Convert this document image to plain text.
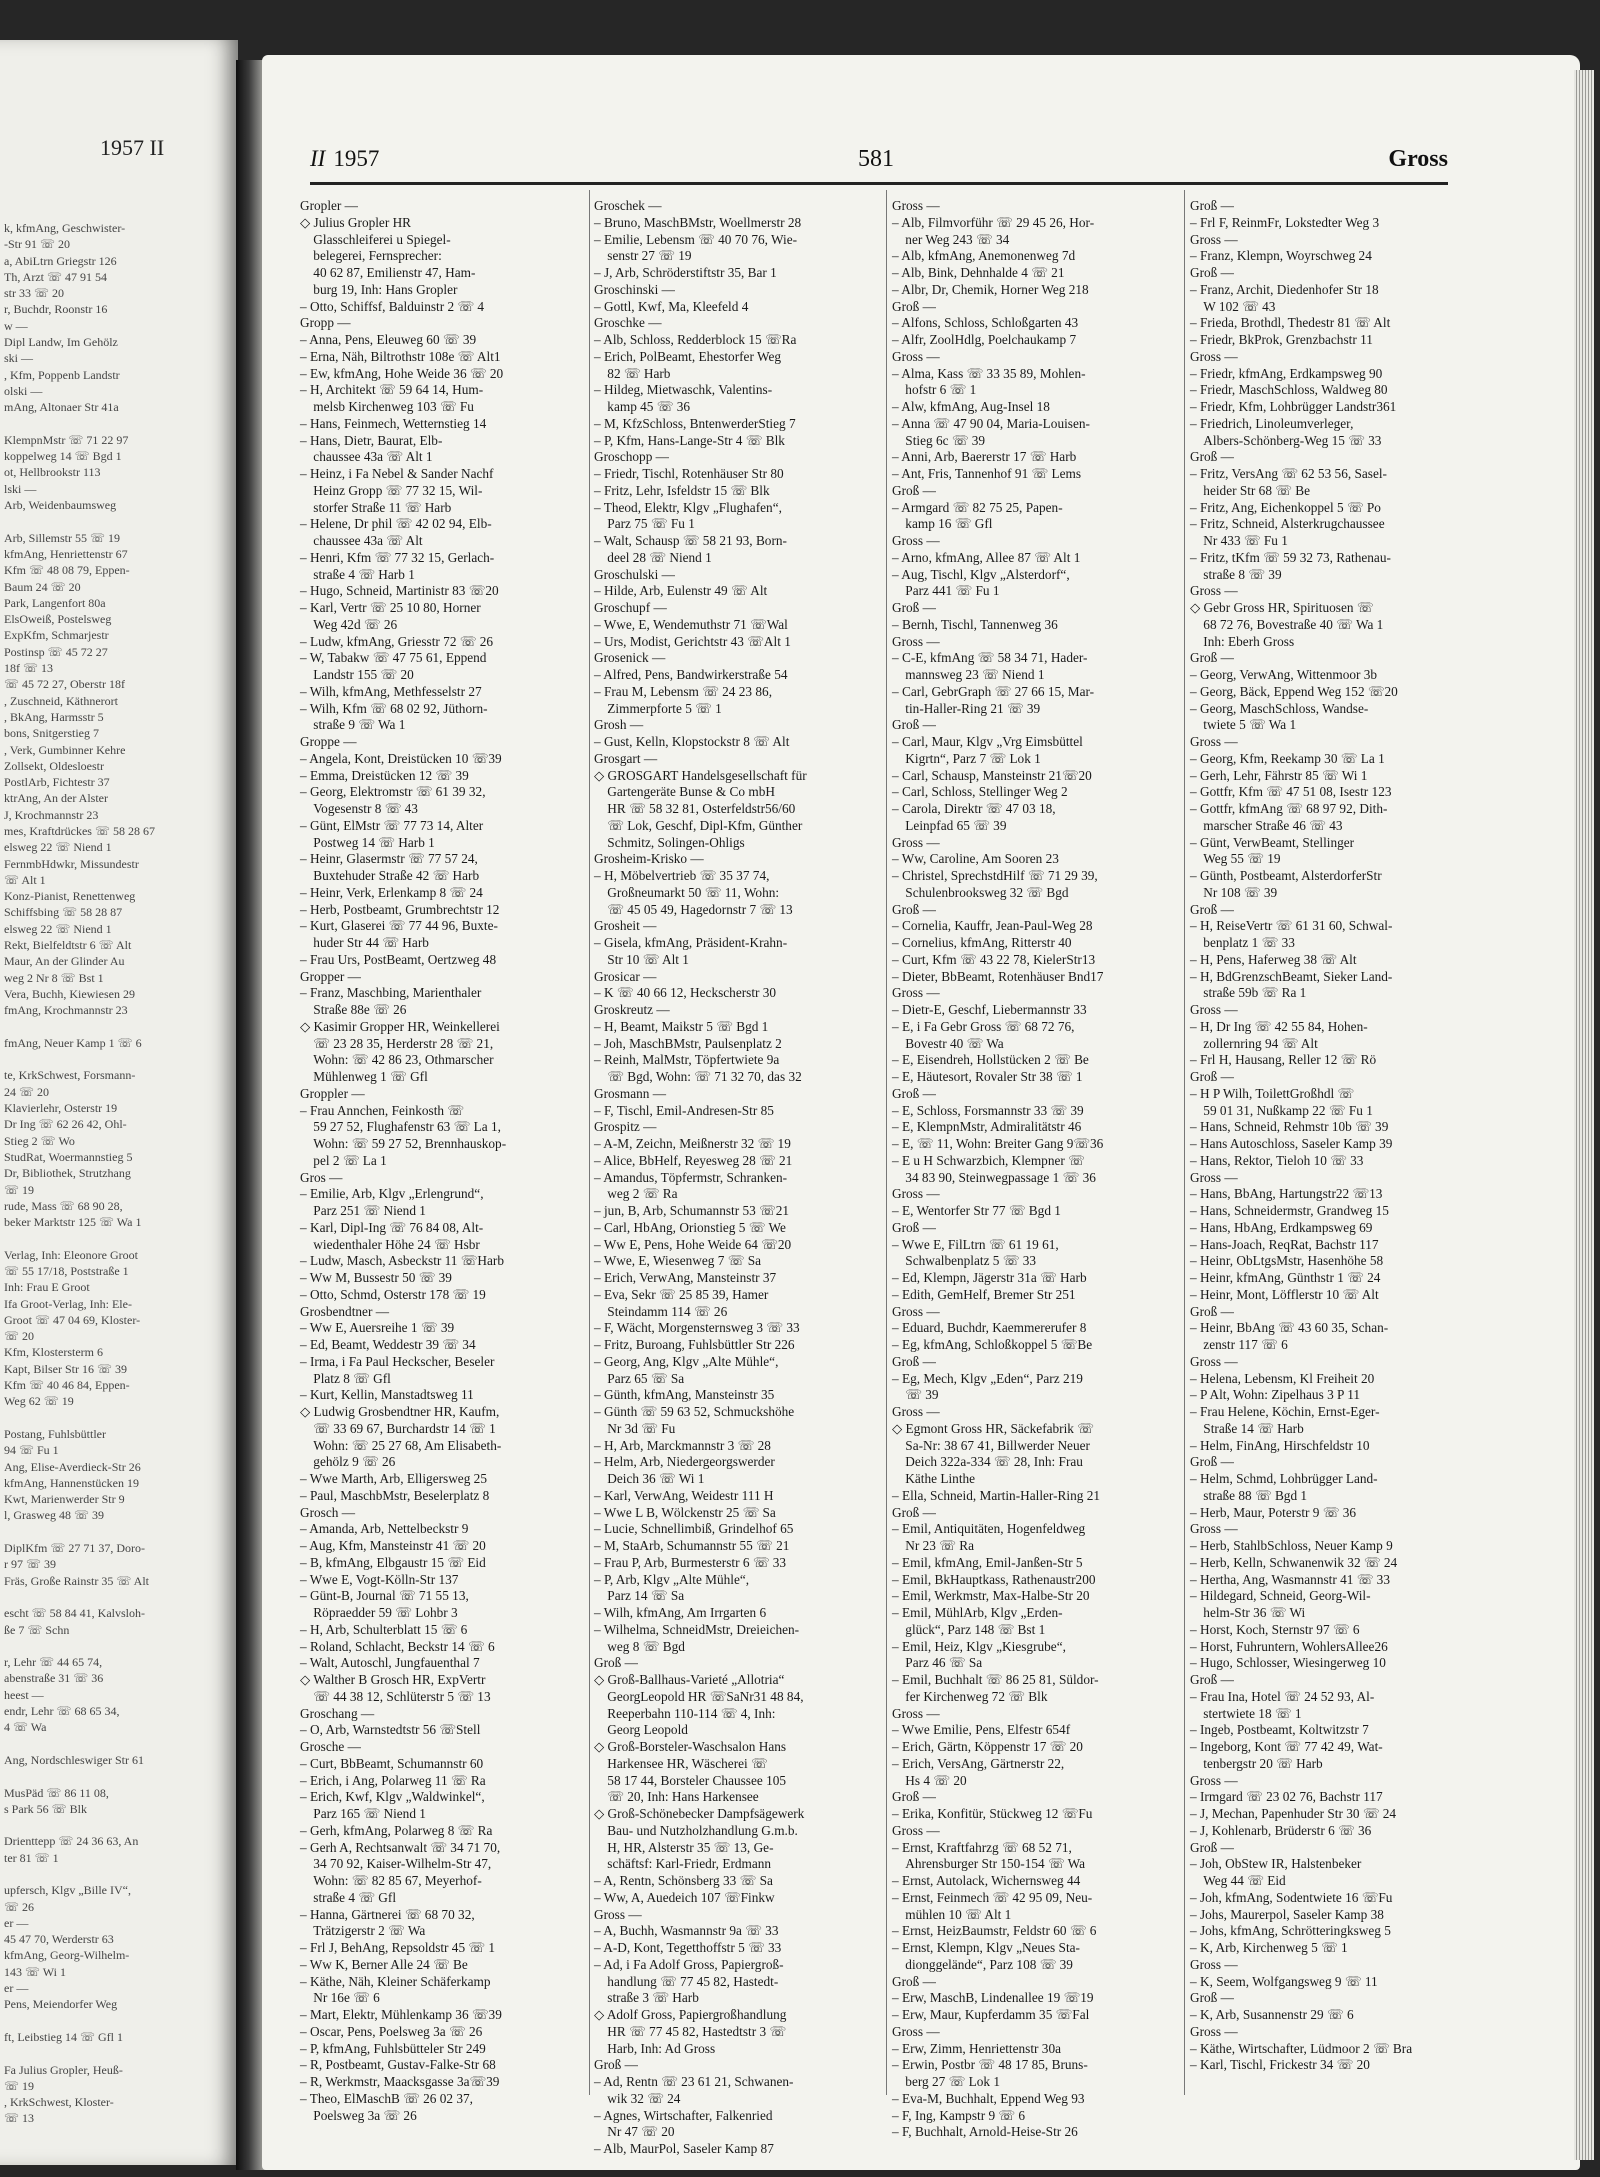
1957 II
k, kfmAng, Geschwister-
-Str 91 ☏ 20
a, AbiLtrn Griegstr 126
Th, Arzt ☏ 47 91 54
str 33 ☏ 20
r, Buchdr, Roonstr 16
w —
Dipl Landw, Im Gehölz
ski —
, Kfm, Poppenb Landstr
olski —
mAng, Altonaer Str 41a

KlempnMstr ☏ 71 22 97
koppelweg 14 ☏ Bgd 1
ot, Hellbrookstr 113
lski —
Arb, Weidenbaumsweg

Arb, Sillemstr 55 ☏ 19
kfmAng, Henriettenstr 67
Kfm ☏ 48 08 79, Eppen-
Baum 24 ☏ 20
Park, Langenfort 80a
ElsOweiß, Postelsweg
ExpKfm, Schmarjestr
Postinsp ☏ 45 72 27
18f ☏ 13
☏ 45 72 27, Oberstr 18f
, Zuschneid, Käthnerort
, BkAng, Harmsstr 5
bons, Snitgerstieg 7
, Verk, Gumbinner Kehre
Zollsekt, Oldesloestr
PostlArb, Fichtestr 37
ktrAng, An der Alster
J, Krochmannstr 23
mes, Kraftdrückes ☏ 58 28 67
elsweg 22 ☏ Niend 1
FernmbHdwkr, Missundestr
☏ Alt 1
Konz-Pianist, Renettenweg
Schiffsbing ☏ 58 28 87
elsweg 22 ☏ Niend 1
Rekt, Bielfeldtstr 6 ☏ Alt
Maur, An der Glinder Au
weg 2 Nr 8 ☏ Bst 1
Vera, Buchh, Kiewiesen 29
fmAng, Krochmannstr 23

fmAng, Neuer Kamp 1 ☏ 6

te, KrkSchwest, Forsmann-
24 ☏ 20
Klavierlehr, Osterstr 19
Dr Ing ☏ 62 26 42, Ohl-
Stieg 2 ☏ Wo
StudRat, Woermannstieg 5
Dr, Bibliothek, Strutzhang
☏ 19
rude, Mass ☏ 68 90 28,
beker Marktstr 125 ☏ Wa 1

Verlag, Inh: Eleonore Groot
☏ 55 17/18, Poststraße 1
Inh: Frau E Groot
Ifa Groot-Verlag, Inh: Ele-
Groot ☏ 47 04 69, Kloster-
☏ 20
Kfm, Klostersterm 6
Kapt, Bilser Str 16 ☏ 39
Kfm ☏ 40 46 84, Eppen-
Weg 62 ☏ 19

Postang, Fuhlsbüttler
94 ☏ Fu 1
Ang, Elise-Averdieck-Str 26
kfmAng, Hannenstücken 19
Kwt, Marienwerder Str 9
l, Grasweg 48 ☏ 39

DiplKfm ☏ 27 71 37, Doro-
r 97 ☏ 39
Fräs, Große Rainstr 35 ☏ Alt

escht ☏ 58 84 41, Kalvsloh-
ße 7 ☏ Schn

r, Lehr ☏ 44 65 74,
abenstraße 31 ☏ 36
heest —
endr, Lehr ☏ 68 65 34,
4 ☏ Wa

Ang, Nordschleswiger Str 61

MusPäd ☏ 86 11 08,
s Park 56 ☏ Blk

Drienttepp ☏ 24 36 63, An
ter 81 ☏ 1

upfersch, Klgv „Bille IV“,
☏ 26
er —
45 47 70, Werderstr 63
kfmAng, Georg-Wilhelm-
143 ☏ Wi 1
er —
Pens, Meiendorfer Weg

ft, Leibstieg 14 ☏ Gfl 1

Fa Julius Gropler, Heuß-
☏ 19
, KrkSchwest, Kloster-
☏ 13
II 1957	581	Gross
Gropler —
◇ Julius Gropler HR
 Glasschleiferei u Spiegel-
 belegerei, Fernsprecher:
 40 62 87, Emilienstr 47, Ham-
 burg 19, Inh: Hans Gropler
– Otto, Schiffsf, Balduinstr 2 ☏ 4
Gropp —
– Anna, Pens, Eleuweg 60 ☏ 39
– Erna, Näh, Biltrothstr 108e ☏ Alt1
– Ew, kfmAng, Hohe Weide 36 ☏ 20
– H, Architekt ☏ 59 64 14, Hum-
 melsb Kirchenweg 103 ☏ Fu
– Hans, Feinmech, Wetternstieg 14
– Hans, Dietr, Baurat, Elb-
 chaussee 43a ☏ Alt 1
– Heinz, i Fa Nebel & Sander Nachf
 Heinz Gropp ☏ 77 32 15, Wil-
 storfer Straße 11 ☏ Harb
– Helene, Dr phil ☏ 42 02 94, Elb-
 chaussee 43a ☏ Alt
– Henri, Kfm ☏ 77 32 15, Gerlach-
 straße 4 ☏ Harb 1
– Hugo, Schneid, Martinistr 83 ☏20
– Karl, Vertr ☏ 25 10 80, Horner
 Weg 42d ☏ 26
– Ludw, kfmAng, Griesstr 72 ☏ 26
– W, Tabakw ☏ 47 75 61, Eppend
 Landstr 155 ☏ 20
– Wilh, kfmAng, Methfesselstr 27
– Wilh, Kfm ☏ 68 02 92, Jüthorn-
 straße 9 ☏ Wa 1
Groppe —
– Angela, Kont, Dreistücken 10 ☏39
– Emma, Dreistücken 12 ☏ 39
– Georg, Elektromstr ☏ 61 39 32,
 Vogesenstr 8 ☏ 43
– Günt, ElMstr ☏ 77 73 14, Alter
 Postweg 14 ☏ Harb 1
– Heinr, Glasermstr ☏ 77 57 24,
 Buxtehuder Straße 42 ☏ Harb
– Heinr, Verk, Erlenkamp 8 ☏ 24
– Herb, Postbeamt, Grumbrechtstr 12
– Kurt, Glaserei ☏ 77 44 96, Buxte-
 huder Str 44 ☏ Harb
– Frau Urs, PostBeamt, Oertzweg 48
Gropper —
– Franz, Maschbing, Marienthaler
 Straße 88e ☏ 26
◇ Kasimir Gropper HR, Weinkellerei
 ☏ 23 28 35, Herderstr 28 ☏ 21,
 Wohn: ☏ 42 86 23, Othmarscher
 Mühlenweg 1 ☏ Gfl
Groppler —
– Frau Annchen, Feinkosth ☏
 59 27 52, Flughafenstr 63 ☏ La 1,
 Wohn: ☏ 59 27 52, Brennhauskop-
 pel 2 ☏ La 1
Gros —
– Emilie, Arb, Klgv „Erlengrund“,
 Parz 251 ☏ Niend 1
– Karl, Dipl-Ing ☏ 76 84 08, Alt-
 wiedenthaler Höhe 24 ☏ Hsbr
– Ludw, Masch, Asbeckstr 11 ☏Harb
– Ww M, Bussestr 50 ☏ 39
– Otto, Schmd, Osterstr 178 ☏ 19
Grosbendtner —
– Ww E, Auersreihe 1 ☏ 39
– Ed, Beamt, Weddestr 39 ☏ 34
– Irma, i Fa Paul Heckscher, Beseler
 Platz 8 ☏ Gfl
– Kurt, Kellin, Manstadtsweg 11
◇ Ludwig Grosbendtner HR, Kaufm,
 ☏ 33 69 67, Burchardstr 14 ☏ 1
 Wohn: ☏ 25 27 68, Am Elisabeth-
 gehölz 9 ☏ 26
– Wwe Marth, Arb, Elligersweg 25
– Paul, MaschbMstr, Beselerplatz 8
Grosch —
– Amanda, Arb, Nettelbeckstr 9
– Aug, Kfm, Mansteinstr 41 ☏ 20
– B, kfmAng, Elbgaustr 15 ☏ Eid
– Wwe E, Vogt-Kölln-Str 137
– Günt-B, Journal ☏ 71 55 13,
 Röpraedder 59 ☏ Lohbr 3
– H, Arb, Schulterblatt 15 ☏ 6
– Roland, Schlacht, Beckstr 14 ☏ 6
– Walt, Autoschl, Jungfauenthal 7
◇ Walther B Grosch HR, ExpVertr
 ☏ 44 38 12, Schlüterstr 5 ☏ 13
Groschang —
– O, Arb, Warnstedtstr 56 ☏Stell
Grosche —
– Curt, BbBeamt, Schumannstr 60
– Erich, i Ang, Polarweg 11 ☏ Ra
– Erich, Kwf, Klgv „Waldwinkel“,
 Parz 165 ☏ Niend 1
– Gerh, kfmAng, Polarweg 8 ☏ Ra
– Gerh A, Rechtsanwalt ☏ 34 71 70,
 34 70 92, Kaiser-Wilhelm-Str 47,
 Wohn: ☏ 82 85 67, Meyerhof-
 straße 4 ☏ Gfl
– Hanna, Gärtnerei ☏ 68 70 32,
 Trätzigerstr 2 ☏ Wa
– Frl J, BehAng, Repsoldstr 45 ☏ 1
– Ww K, Berner Alle 24 ☏ Be
– Käthe, Näh, Kleiner Schäferkamp
 Nr 16e ☏ 6
– Mart, Elektr, Mühlenkamp 36 ☏39
– Oscar, Pens, Poelsweg 3a ☏ 26
– P, kfmAng, Fuhlsbütteler Str 249
– R, Postbeamt, Gustav-Falke-Str 68
– R, Werkmstr, Maacksgasse 3a☏39
– Theo, ElMaschB ☏ 26 02 37,
 Poelsweg 3a ☏ 26
Groschek —
– Bruno, MaschBMstr, Woellmerstr 28
– Emilie, Lebensm ☏ 40 70 76, Wie-
 senstr 27 ☏ 19
– J, Arb, Schröderstiftstr 35, Bar 1
Groschinski —
– Gottl, Kwf, Ma, Kleefeld 4
Groschke —
– Alb, Schloss, Redderblock 15 ☏Ra
– Erich, PolBeamt, Ehestorfer Weg
 82 ☏ Harb
– Hildeg, Mietwaschk, Valentins-
 kamp 45 ☏ 36
– M, KfzSchloss, BntenwerderStieg 7
– P, Kfm, Hans-Lange-Str 4 ☏ Blk
Groschopp —
– Friedr, Tischl, Rotenhäuser Str 80
– Fritz, Lehr, Isfeldstr 15 ☏ Blk
– Theod, Elektr, Klgv „Flughafen“,
 Parz 75 ☏ Fu 1
– Walt, Schausp ☏ 58 21 93, Born-
 deel 28 ☏ Niend 1
Groschulski —
– Hilde, Arb, Eulenstr 49 ☏ Alt
Groschupf —
– Wwe, E, Wendemuthstr 71 ☏Wal
– Urs, Modist, Gerichtstr 43 ☏Alt 1
Grosenick —
– Alfred, Pens, Bandwirkerstraße 54
– Frau M, Lebensm ☏ 24 23 86,
 Zimmerpforte 5 ☏ 1
Grosh —
– Gust, Kelln, Klopstockstr 8 ☏ Alt
Grosgart —
◇ GROSGART Handelsgesellschaft für
 Gartengeräte Bunse & Co mbH
 HR ☏ 58 32 81, Osterfeldstr56/60
 ☏ Lok, Geschf, Dipl-Kfm, Günther
 Schmitz, Solingen-Ohligs
Grosheim-Krisko —
– H, Möbelvertrieb ☏ 35 37 74,
 Großneumarkt 50 ☏ 11, Wohn:
 ☏ 45 05 49, Hagedornstr 7 ☏ 13
Grosheit —
– Gisela, kfmAng, Präsident-Krahn-
 Str 10 ☏ Alt 1
Grosicar —
– K ☏ 40 66 12, Heckscherstr 30
Groskreutz —
– H, Beamt, Maikstr 5 ☏ Bgd 1
– Joh, MaschBMstr, Paulsenplatz 2
– Reinh, MalMstr, Töpfertwiete 9a
 ☏ Bgd, Wohn: ☏ 71 32 70, das 32
Grosmann —
– F, Tischl, Emil-Andresen-Str 85
Grospitz —
– A-M, Zeichn, Meißnerstr 32 ☏ 19
– Alice, BbHelf, Reyesweg 28 ☏ 21
– Amandus, Töpfermstr, Schranken-
 weg 2 ☏ Ra
– jun, B, Arb, Schumannstr 53 ☏21
– Carl, HbAng, Orionstieg 5 ☏ We
– Ww E, Pens, Hohe Weide 64 ☏20
– Wwe, E, Wiesenweg 7 ☏ Sa
– Erich, VerwAng, Mansteinstr 37
– Eva, Sekr ☏ 25 85 39, Hamer
 Steindamm 114 ☏ 26
– F, Wächt, Morgensternsweg 3 ☏ 33
– Fritz, Buroang, Fuhlsbüttler Str 226
– Georg, Ang, Klgv „Alte Mühle“,
 Parz 65 ☏ Sa
– Günth, kfmAng, Mansteinstr 35
– Günth ☏ 59 63 52, Schmuckshöhe
 Nr 3d ☏ Fu
– H, Arb, Marckmannstr 3 ☏ 28
– Helm, Arb, Niedergeorgswerder
 Deich 36 ☏ Wi 1
– Karl, VerwAng, Weidestr 111 H
– Wwe L B, Wölckenstr 25 ☏ Sa
– Lucie, Schnellimbiß, Grindelhof 65
– M, StaArb, Schumannstr 55 ☏ 21
– Frau P, Arb, Burmesterstr 6 ☏ 33
– P, Arb, Klgv „Alte Mühle“,
 Parz 14 ☏ Sa
– Wilh, kfmAng, Am Irrgarten 6
– Wilhelma, SchneidMstr, Dreieichen-
 weg 8 ☏ Bgd
Groß —
◇ Groß-Ballhaus-Varieté „Allotria“
 GeorgLeopold HR ☏SaNr31 48 84,
 Reeperbahn 110-114 ☏ 4, Inh:
 Georg Leopold
◇ Groß-Borsteler-Waschsalon Hans
 Harkensee HR, Wäscherei ☏
 58 17 44, Borsteler Chaussee 105
 ☏ 20, Inh: Hans Harkensee
◇ Groß-Schönebecker Dampfsägewerk
 Bau- und Nutzholzhandlung G.m.b.
 H, HR, Alsterstr 35 ☏ 13, Ge-
 schäftsf: Karl-Friedr, Erdmann
– A, Rentn, Schönsberg 33 ☏ Sa
– Ww, A, Auedeich 107 ☏Finkw
Gross —
– A, Buchh, Wasmannstr 9a ☏ 33
– A-D, Kont, Tegetthoffstr 5 ☏ 33
– Ad, i Fa Adolf Gross, Papiergroß-
 handlung ☏ 77 45 82, Hastedt-
 straße 3 ☏ Harb
◇ Adolf Gross, Papiergroßhandlung
 HR ☏ 77 45 82, Hastedtstr 3 ☏
 Harb, Inh: Ad Gross
Groß —
– Ad, Rentn ☏ 23 61 21, Schwanen-
 wik 32 ☏ 24
– Agnes, Wirtschafter, Falkenried
 Nr 47 ☏ 20
– Alb, MaurPol, Saseler Kamp 87
Gross —
– Alb, Filmvorführ ☏ 29 45 26, Hor-
 ner Weg 243 ☏ 34
– Alb, kfmAng, Anemonenweg 7d
– Alb, Bink, Dehnhalde 4 ☏ 21
– Albr, Dr, Chemik, Horner Weg 218
Groß —
– Alfons, Schloss, Schloßgarten 43
– Alfr, ZoolHdlg, Poelchaukamp 7
Gross —
– Alma, Kass ☏ 33 35 89, Mohlen-
 hofstr 6 ☏ 1
– Alw, kfmAng, Aug-Insel 18
– Anna ☏ 47 90 04, Maria-Louisen-
 Stieg 6c ☏ 39
– Anni, Arb, Baererstr 17 ☏ Harb
– Ant, Fris, Tannenhof 91 ☏ Lems
Groß —
– Armgard ☏ 82 75 25, Papen-
 kamp 16 ☏ Gfl
Gross —
– Arno, kfmAng, Allee 87 ☏ Alt 1
– Aug, Tischl, Klgv „Alsterdorf“,
 Parz 441 ☏ Fu 1
Groß —
– Bernh, Tischl, Tannenweg 36
Gross —
– C-E, kfmAng ☏ 58 34 71, Hader-
 mannsweg 23 ☏ Niend 1
– Carl, GebrGraph ☏ 27 66 15, Mar-
 tin-Haller-Ring 21 ☏ 39
Groß —
– Carl, Maur, Klgv „Vrg Eimsbüttel
 Kigrtn“, Parz 7 ☏ Lok 1
– Carl, Schausp, Mansteinstr 21☏20
– Carl, Schloss, Stellinger Weg 2
– Carola, Direktr ☏ 47 03 18,
 Leinpfad 65 ☏ 39
Gross —
– Ww, Caroline, Am Sooren 23
– Christel, SprechstdHilf ☏ 71 29 39,
 Schulenbrooksweg 32 ☏ Bgd
Groß —
– Cornelia, Kauffr, Jean-Paul-Weg 28
– Cornelius, kfmAng, Ritterstr 40
– Curt, Kfm ☏ 43 22 78, KielerStr13
– Dieter, BbBeamt, Rotenhäuser Bnd17
Gross —
– Dietr-E, Geschf, Liebermannstr 33
– E, i Fa Gebr Gross ☏ 68 72 76,
 Bovestr 40 ☏ Wa
– E, Eisendreh, Hollstücken 2 ☏ Be
– E, Häutesort, Rovaler Str 38 ☏ 1
Groß —
– E, Schloss, Forsmannstr 33 ☏ 39
– E, KlempnMstr, Admiralitätstr 46
– E, ☏ 11, Wohn: Breiter Gang 9☏36
– E u H Schwarzbich, Klempner ☏
 34 83 90, Steinwegpassage 1 ☏ 36
Gross —
– E, Wentorfer Str 77 ☏ Bgd 1
Groß —
– Wwe E, FilLtrn ☏ 61 19 61,
 Schwalbenplatz 5 ☏ 33
– Ed, Klempn, Jägerstr 31a ☏ Harb
– Edith, GemHelf, Bremer Str 251
Gross —
– Eduard, Buchdr, Kaemmererufer 8
– Eg, kfmAng, Schloßkoppel 5 ☏Be
Groß —
– Eg, Mech, Klgv „Eden“, Parz 219
 ☏ 39
Gross —
◇ Egmont Gross HR, Säckefabrik ☏
 Sa-Nr: 38 67 41, Billwerder Neuer
 Deich 322a-334 ☏ 28, Inh: Frau
 Käthe Linthe
– Ella, Schneid, Martin-Haller-Ring 21
Groß —
– Emil, Antiquitäten, Hogenfeldweg
 Nr 23 ☏ Ra
– Emil, kfmAng, Emil-Janßen-Str 5
– Emil, BkHauptkass, Rathenaustr200
– Emil, Werkmstr, Max-Halbe-Str 20
– Emil, MühlArb, Klgv „Erden-
 glück“, Parz 148 ☏ Bst 1
– Emil, Heiz, Klgv „Kiesgrube“,
 Parz 46 ☏ Sa
– Emil, Buchhalt ☏ 86 25 81, Süldor-
 fer Kirchenweg 72 ☏ Blk
Gross —
– Wwe Emilie, Pens, Elfestr 654f
– Erich, Gärtn, Köppenstr 17 ☏ 20
– Erich, VersAng, Gärtnerstr 22,
 Hs 4 ☏ 20
Groß —
– Erika, Konfitür, Stückweg 12 ☏Fu
Gross —
– Ernst, Kraftfahrzg ☏ 68 52 71,
 Ahrensburger Str 150-154 ☏ Wa
– Ernst, Autolack, Wichernsweg 44
– Ernst, Feinmech ☏ 42 95 09, Neu-
 mühlen 10 ☏ Alt 1
– Ernst, HeizBaumstr, Feldstr 60 ☏ 6
– Ernst, Klempn, Klgv „Neues Sta-
 dionggelände“, Parz 108 ☏ 39
Groß —
– Erw, MaschB, Lindenallee 19 ☏19
– Erw, Maur, Kupferdamm 35 ☏Fal
Gross —
– Erw, Zimm, Henriettenstr 30a
– Erwin, Postbr ☏ 48 17 85, Bruns-
 berg 27 ☏ Lok 1
– Eva-M, Buchhalt, Eppend Weg 93
– F, Ing, Kampstr 9 ☏ 6
– F, Buchhalt, Arnold-Heise-Str 26
Groß —
– Frl F, ReinmFr, Lokstedter Weg 3
Gross —
– Franz, Klempn, Woyrschweg 24
Groß —
– Franz, Archit, Diedenhofer Str 18
 W 102 ☏ 43
– Frieda, Brothdl, Thedestr 81 ☏ Alt
– Friedr, BkProk, Grenzbachstr 11
Gross —
– Friedr, kfmAng, Erdkampsweg 90
– Friedr, MaschSchloss, Waldweg 80
– Friedr, Kfm, Lohbrügger Landstr361
– Friedrich, Linoleumverleger,
 Albers-Schönberg-Weg 15 ☏ 33
Groß —
– Fritz, VersAng ☏ 62 53 56, Sasel-
 heider Str 68 ☏ Be
– Fritz, Ang, Eichenkoppel 5 ☏ Po
– Fritz, Schneid, Alsterkrugchaussee
 Nr 433 ☏ Fu 1
– Fritz, tKfm ☏ 59 32 73, Rathenau-
 straße 8 ☏ 39
Gross —
◇ Gebr Gross HR, Spirituosen ☏
 68 72 76, Bovestraße 40 ☏ Wa 1
 Inh: Eberh Gross
Groß —
– Georg, VerwAng, Wittenmoor 3b
– Georg, Bäck, Eppend Weg 152 ☏20
– Georg, MaschSchloss, Wandse-
 twiete 5 ☏ Wa 1
Gross —
– Georg, Kfm, Reekamp 30 ☏ La 1
– Gerh, Lehr, Fährstr 85 ☏ Wi 1
– Gottfr, Kfm ☏ 47 51 08, Isestr 123
– Gottfr, kfmAng ☏ 68 97 92, Dith-
 marscher Straße 46 ☏ 43
– Günt, VerwBeamt, Stellinger
 Weg 55 ☏ 19
– Günth, Postbeamt, AlsterdorferStr
 Nr 108 ☏ 39
Groß —
– H, ReiseVertr ☏ 61 31 60, Schwal-
 benplatz 1 ☏ 33
– H, Pens, Haferweg 38 ☏ Alt
– H, BdGrenzschBeamt, Sieker Land-
 straße 59b ☏ Ra 1
Gross —
– H, Dr Ing ☏ 42 55 84, Hohen-
 zollernring 94 ☏ Alt
– Frl H, Hausang, Reller 12 ☏ Rö
Groß —
– H P Wilh, ToilettGroßhdl ☏
 59 01 31, Nußkamp 22 ☏ Fu 1
– Hans, Schneid, Rehmstr 10b ☏ 39
– Hans Autoschloss, Saseler Kamp 39
– Hans, Rektor, Tieloh 10 ☏ 33
Gross —
– Hans, BbAng, Hartungstr22 ☏13
– Hans, Schneidermstr, Grandweg 15
– Hans, HbAng, Erdkampsweg 69
– Hans-Joach, ReqRat, Bachstr 117
– Heinr, ObLtgsMstr, Hasenhöhe 58
– Heinr, kfmAng, Günthstr 1 ☏ 24
– Heinr, Mont, Löfflerstr 10 ☏ Alt
Groß —
– Heinr, BbAng ☏ 43 60 35, Schan-
 zenstr 117 ☏ 6
Gross —
– Helena, Lebensm, Kl Freiheit 20
– P Alt, Wohn: Zipelhaus 3 P 11
– Frau Helene, Köchin, Ernst-Eger-
 Straße 14 ☏ Harb
– Helm, FinAng, Hirschfeldstr 10
Groß —
– Helm, Schmd, Lohbrügger Land-
 straße 88 ☏ Bgd 1
– Herb, Maur, Poterstr 9 ☏ 36
Gross —
– Herb, StahlbSchloss, Neuer Kamp 9
– Herb, Kelln, Schwanenwik 32 ☏ 24
– Hertha, Ang, Wasmannstr 41 ☏ 33
– Hildegard, Schneid, Georg-Wil-
 helm-Str 36 ☏ Wi
– Horst, Koch, Sternstr 97 ☏ 6
– Horst, Fuhruntern, WohlersAllee26
– Hugo, Schlosser, Wiesingerweg 10
Groß —
– Frau Ina, Hotel ☏ 24 52 93, Al-
 stertwiete 18 ☏ 1
– Ingeb, Postbeamt, Koltwitzstr 7
– Ingeborg, Kont ☏ 77 42 49, Wat-
 tenbergstr 20 ☏ Harb
Gross —
– Irmgard ☏ 23 02 76, Bachstr 117
– J, Mechan, Papenhuder Str 30 ☏ 24
– J, Kohlenarb, Brüderstr 6 ☏ 36
Groß —
– Joh, ObStew IR, Halstenbeker
 Weg 44 ☏ Eid
– Joh, kfmAng, Sodentwiete 16 ☏Fu
– Johs, Maurerpol, Saseler Kamp 38
– Johs, kfmAng, Schrötteringksweg 5
– K, Arb, Kirchenweg 5 ☏ 1
Gross —
– K, Seem, Wolfgangsweg 9 ☏ 11
Groß —
– K, Arb, Susannenstr 29 ☏ 6
Gross —
– Käthe, Wirtschafter, Lüdmoor 2 ☏ Bra
– Karl, Tischl, Frickestr 34 ☏ 20
